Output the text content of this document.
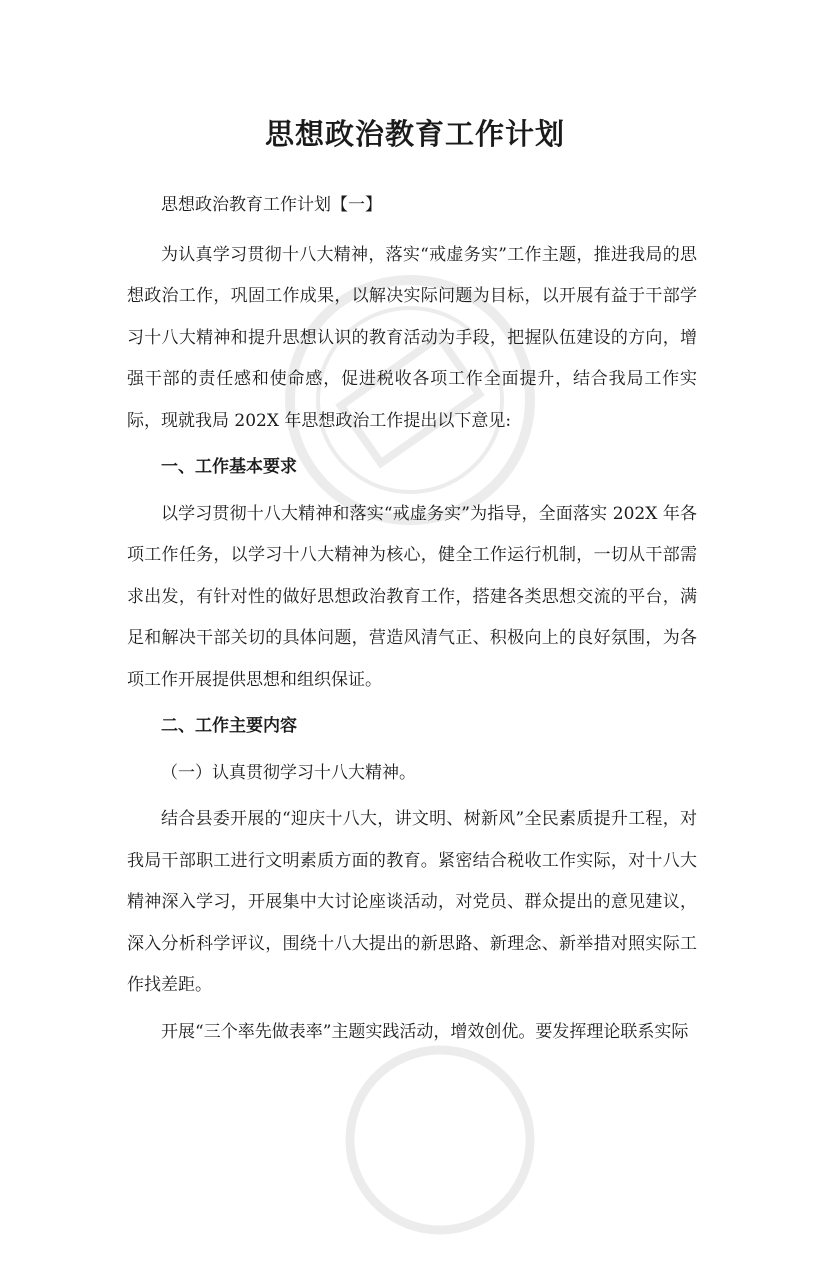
思想政治教育工作计划

思想政治教育工作计划【一】

为认真学习贯彻十八大精神，落实“戒虚务实”工作主题，推进我局的思想政治工作，巩固工作成果，以解决实际问题为目标，以开展有益于干部学习十八大精神和提升思想认识的教育活动为手段，把握队伍建设的方向，增强干部的责任感和使命感，促进税收各项工作全面提升，结合我局工作实际，现就我局 202X 年思想政治工作提出以下意见:

一、工作基本要求

以学习贯彻十八大精神和落实“戒虚务实”为指导，全面落实 202X 年各项工作任务，以学习十八大精神为核心，健全工作运行机制，一切从干部需求出发，有针对性的做好思想政治教育工作，搭建各类思想交流的平台，满足和解决干部关切的具体问题，营造风清气正、积极向上的良好氛围，为各项工作开展提供思想和组织保证。

二、工作主要内容

（一）认真贯彻学习十八大精神。

结合县委开展的“迎庆十八大，讲文明、树新风”全民素质提升工程，对我局干部职工进行文明素质方面的教育。紧密结合税收工作实际，对十八大精神深入学习，开展集中大讨论座谈活动，对党员、群众提出的意见建议，深入分析科学评议，围绕十八大提出的新思路、新理念、新举措对照实际工作找差距。

开展“三个率先做表率”主题实践活动，增效创优。要发挥理论联系实际
